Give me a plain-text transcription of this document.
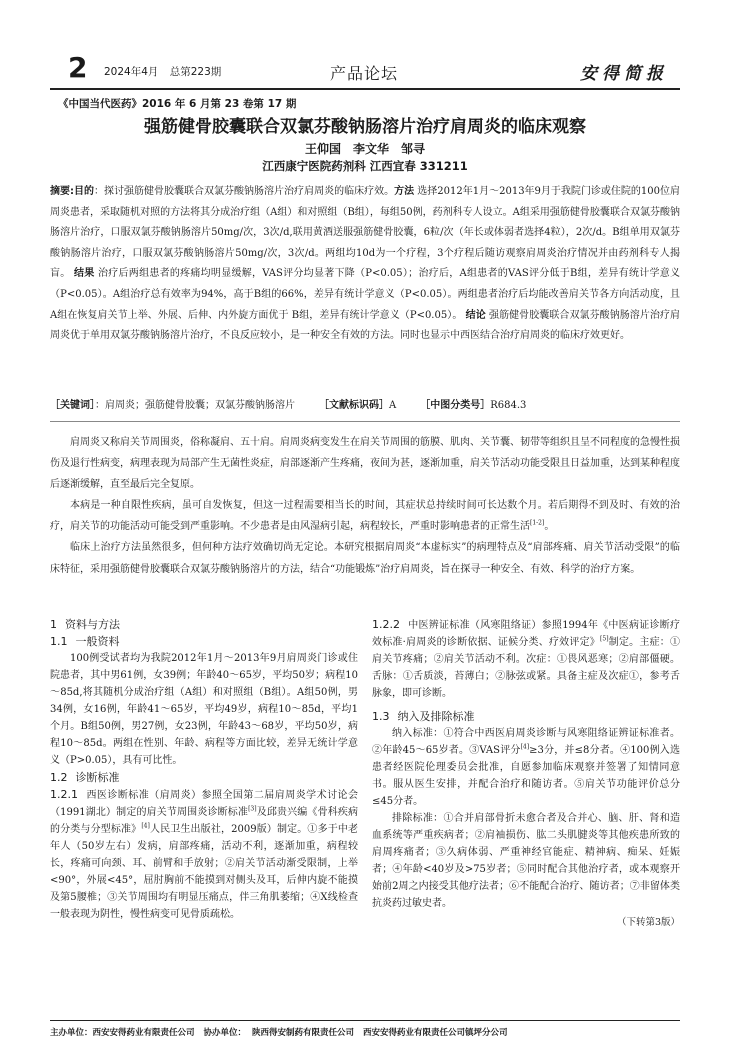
2 2024年4月 总第223期	产品论坛	安得简报
《中国当代医药》2016 年 6 月第 23 卷第 17 期
强筋健骨胶囊联合双氯芬酸钠肠溶片治疗肩周炎的临床观察
王仰国　李文华　邹寻
江西康宁医院药剂科 江西宜春 331211

摘要:目的：探讨强筋健骨胶囊联合双氯芬酸钠肠溶片治疗肩周炎的临床疗效。方法 选择2012年1月～2013年9月于我院门诊或住院的100位肩周炎患者，采取随机对照的方法将其分成治疗组（A组）和对照组（B组），每组50例，药剂科专人设立。A组采用强筋健骨胶囊联合双氯芬酸钠肠溶片治疗，口服双氯芬酸钠肠溶片50mg/次，3次/d,联用黄酒送服强筋健骨胶囊，6粒/次（年长或体弱者选择4粒），2次/d。B组单用双氯芬酸钠肠溶片治疗，口服双氯芬酸钠肠溶片50mg/次，3次/d。两组均10d为一个疗程，3个疗程后随访观察肩周炎治疗情况并由药剂科专人揭盲。 结果 治疗后两组患者的疼痛均明显缓解，VAS评分均显著下降（P<0.05）；治疗后，A组患者的VAS评分低于B组，差异有统计学意义（P<0.05）。A组治疗总有效率为94%，高于B组的66%，差异有统计学意义（P<0.05）。两组患者治疗后均能改善肩关节各方向活动度，且A组在恢复肩关节上举、外展、后伸、内外旋方面优于 B组，差异有统计学意义（P<0.05）。 结论 强筋健骨胶囊联合双氯芬酸钠肠溶片治疗肩周炎优于单用双氯芬酸钠肠溶片治疗，不良反应较小，是一种安全有效的方法。同时也显示中西医结合治疗肩周炎的临床疗效更好。

［关键词］：肩周炎；强筋健骨胶囊；双氯芬酸钠肠溶片 ［文献标识码］A ［中图分类号］R684.3

肩周炎又称肩关节周围炎，俗称凝肩、五十肩。肩周炎病变发生在肩关节周围的筋膜、肌肉、关节囊、韧带等组织且呈不同程度的急慢性损伤及退行性病变，病理表现为局部产生无菌性炎症，肩部逐渐产生疼痛，夜间为甚，逐渐加重，肩关节活动功能受限且日益加重，达到某种程度后逐渐缓解，直至最后完全复原。

本病是一种自限性疾病，虽可自发恢复，但这一过程需要相当长的时间，其症状总持续时间可长达数个月。若后期得不到及时、有效的治疗，肩关节的功能活动可能受到严重影响。不少患者是由风湿病引起，病程较长，严重时影响患者的正常生活[1-2]。

临床上治疗方法虽然很多，但何种方法疗效确切尚无定论。本研究根据肩周炎“本虚标实”的病理特点及“肩部疼痛、肩关节活动受限”的临床特征，采用强筋健骨胶囊联合双氯芬酸钠肠溶片的方法，结合“功能锻炼”治疗肩周炎，旨在探寻一种安全、有效、科学的治疗方案。

1 资料与方法
1.1 一般资料

100例受试者均为我院2012年1月～2013年9月肩周炎门诊或住院患者，其中男61例，女39例；年龄40～65岁，平均50岁；病程10～85d,将其随机分成治疗组（A组）和对照组（B组）。A组50例，男34例，女16例，年龄41～65岁，平均49岁，病程10～85d，平均1个月。B组50例，男27例，女23例，年龄43～68岁，平均50岁，病程10～85d。两组在性别、年龄、病程等方面比较，差异无统计学意义（P>0.05），具有可比性。

1.2 诊断标准

1.2.1 西医诊断标准（肩周炎）参照全国第二届肩周炎学术讨论会（1991湖北）制定的肩关节周围炎诊断标准[3]及邱贵兴编《骨科疾病的分类与分型标准》[4]人民卫生出版社，2009版）制定。①多于中老年人（50岁左右）发病，肩部疼痛，活动不利，逐渐加重，病程较长，疼痛可向颈、耳、前臂和手放射；②肩关节活动渐受限制，上举<90°，外展<45°，屈肘胸前不能摸到对侧头及耳，后伸内旋不能摸及第5腰椎；③关节周围均有明显压痛点，伴三角肌萎缩；④X线检查一般表现为阴性，慢性病变可见骨质疏松。

1.2.2 中医辨证标准（风寒阻络证）参照1994年《中医病证诊断疗效标准·肩周炎的诊断依据、证候分类、疗效评定》[5]制定。主症：①肩关节疼痛；②肩关节活动不利。次症：①畏风恶寒；②肩部僵硬。舌脉：①舌质淡，苔薄白；②脉弦或紧。具备主症及次症①，参考舌脉象，即可诊断。

1.3 纳入及排除标准

纳入标准：①符合中西医肩周炎诊断与风寒阻络证辨证标准者。②年龄45～65岁者。③VAS评分[4]≥3分，并≤8分者。④100例入选患者经医院伦理委员会批准，自愿参加临床观察并签署了知情同意书。服从医生安排，并配合治疗和随访者。⑤肩关节功能评价总分≤45分者。

排除标准：①合并肩部骨折未愈合者及合并心、脑、肝、肾和造血系统等严重疾病者；②肩袖损伤、肱二头肌腱炎等其他疾患所致的肩周疼痛者；③久病体弱、严重神经官能症、精神病、痴呆、妊娠者；④年龄<40岁及>75岁者；⑤同时配合其他治疗者，或本观察开始前2周之内接受其他疗法者；⑥不能配合治疗、随访者；⑦非留体类抗炎药过敏史者。

（下转第3版）

主办单位：西安安得药业有限责任公司 协办单位： 陕西得安制药有限责任公司 西安安得药业有限责任公司镇坪分公司
